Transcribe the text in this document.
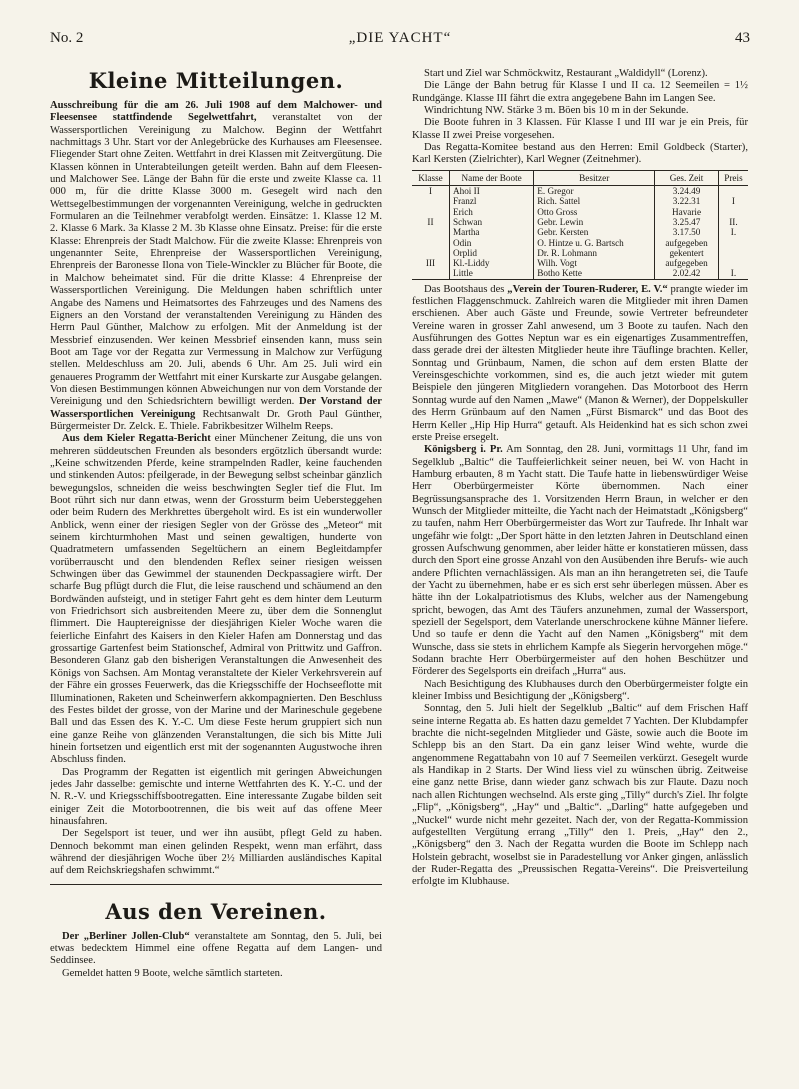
No. 2	„DIE YACHT“	43
Kleine Mitteilungen.

Ausschreibung für die am 26. Juli 1908 auf dem Malchower- und Fleesensee stattfindende Segelwettfahrt, veranstaltet von der Wassersportlichen Vereinigung zu Malchow. Beginn der Wettfahrt nachmittags 3 Uhr. Start vor der Anlegebrücke des Kurhauses am Fleesensee. Fliegender Start ohne Zeiten. Wettfahrt in drei Klassen mit Zeitvergütung. Die Klassen können in Unterabteilungen geteilt werden. Bahn auf dem Fleesen- und Malchower See. Länge der Bahn für die erste und zweite Klasse ca. 11 000 m, für die dritte Klasse 3000 m. Gesegelt wird nach den Wettsegelbestimmungen der vorgenannten Vereinigung, welche in gedruckten Formularen an die Teilnehmer verabfolgt werden. Einsätze: 1. Klasse 12 M. 2. Klasse 6 Mark. 3a Klasse 2 M. 3b Klasse ohne Einsatz. Preise: für die erste Klasse: Ehrenpreis der Stadt Malchow. Für die zweite Klasse: Ehrenpreis von ungenannter Seite, Ehrenpreise der Wassersportlichen Vereinigung, Ehrenpreis der Baronesse Ilona von Tiele-Winckler zu Blücher für Boote, die in Malchow beheimatet sind. Für die dritte Klasse: 4 Ehrenpreise der Wassersportlichen Vereinigung. Die Meldungen haben schriftlich unter Angabe des Namens und Heimatsortes des Fahrzeuges und des Namens des Eigners an den Vorstand der veranstaltenden Vereinigung zu Händen des Herrn Paul Günther, Malchow zu erfolgen. Mit der Anmeldung ist der Messbrief einzusenden. Wer keinen Messbrief einsenden kann, muss sein Boot am Tage vor der Regatta zur Vermessung in Malchow zur Verfügung stellen. Meldeschluss am 20. Juli, abends 6 Uhr. Am 25. Juli wird ein genaueres Programm der Wettfahrt mit einer Kurskarte zur Ausgabe gelangen. Von diesen Bestimmungen können Abweichungen nur von dem Vorstande der Vereinigung und den Schiedsrichtern bewilligt werden. Der Vorstand der Wassersportlichen Vereinigung Rechtsanwalt Dr. Groth Paul Günther, Bürgermeister Dr. Zelck. E. Thiele. Fabrikbesitzer Wilhelm Reeps.

Aus dem Kieler Regatta-Bericht einer Münchener Zeitung, die uns von mehreren süddeutschen Freunden als besonders ergötzlich übersandt wurde: „Keine schwitzenden Pferde, keine strampelnden Radler, keine fauchenden und stinkenden Autos: pfeilgerade, in der Bewegung selbst scheinbar gänzlich bewegungslos, schneiden die weiss beschwingten Segler tief die Flut. Im Boot rührt sich nur dann etwas, wenn der Grossturm beim Uebersteggehen oder beim Rudern des Merkhrettes übergeholt wird. Es ist ein wunderwoller Anblick, wenn einer der riesigen Segler von der Grösse des „Meteor“ mit seinem kirchturmhohen Mast und seinen gewaltigen, hunderte von Quadratmetern umfassenden Segeltüchern an einem Begleitdampfer vorüberrauscht und den blendenden Reflex seiner riesigen weissen Schwingen über das Gewimmel der staunenden Deckpassagiere wirft. Der scharfe Bug pflügt durch die Flut, die leise rauschend und schäumend an den Bordwänden aufsteigt, und in stetiger Fahrt geht es dem hinter dem Leuturm von Friedrichsort sich ausbreitenden Meere zu, über dem die Sonnenglut flimmert. Die Hauptereignisse der diesjährigen Kieler Woche waren die feierliche Einfahrt des Kaisers in den Kieler Hafen am Donnerstag und das grossartige Gartenfest beim Stationschef, Admiral von Prittwitz und Gaffron. Besonderen Glanz gab den bisherigen Veranstaltungen die Anwesenheit des Königs von Sachsen. Am Montag veranstaltete der Kieler Verkehrsverein auf der Fähre ein grosses Feuerwerk, das die Kriegsschiffe der Hochseeflotte mit Illuminationen, Raketen und Scheinwerfern akkompagnierten. Den Beschluss des Festes bildet der grosse, von der Marine und der Marineschule gegebene Ball und das Essen des K. Y.-C. Um diese Feste herum gruppiert sich nun eine ganze Reihe von glänzenden Veranstaltungen, die sich bis Mitte Juli hinein fortsetzen und eigentlich erst mit der sogenannten Augustwoche ihren Abschluss finden.

Das Programm der Regatten ist eigentlich mit geringen Abweichungen jedes Jahr dasselbe: gemischte und interne Wettfahrten des K. Y.-C. und der N. R.-V. und Kriegsschiffsbootregatten. Eine interessante Zugabe bilden seit einiger Zeit die Motorbootrennen, die bis weit auf das offene Meer hinausfahren.

Der Segelsport ist teuer, und wer ihn ausübt, pflegt Geld zu haben. Dennoch bekommt man einen gelinden Respekt, wenn man erfährt, dass während der diesjährigen Woche über 2½ Milliarden ausländisches Kapital auf dem Reichskriegshafen schwimmt.“

Aus den Vereinen.

Der „Berliner Jollen-Club“ veranstaltete am Sonntag, den 5. Juli, bei etwas bedecktem Himmel eine offene Regatta auf dem Langen- und Seddinsee.

Gemeldet hatten 9 Boote, welche sämtlich starteten.

Start und Ziel war Schmöckwitz, Restaurant „Waldidyll“ (Lorenz).

Die Länge der Bahn betrug für Klasse I und II ca. 12 Seemeilen = 1½ Rundgänge. Klasse III fährt die extra angegebene Bahn im Langen See.

Windrichtung NW. Stärke 3 m. Böen bis 10 m in der Sekunde.

Die Boote fuhren in 3 Klassen. Für Klasse I und III war je ein Preis, für Klasse II zwei Preise vorgesehen.

Das Regatta-Komitee bestand aus den Herren: Emil Goldbeck (Starter), Karl Kersten (Zielrichter), Karl Wegner (Zeitnehmer).

Klasse	Name der Boote	Besitzer	Ges. Zeit	Preis
I	Ahoi II	E. Gregor	3.24.49	
	Franzl	Rich. Sattel	3.22.31	I
	Erich	Otto Gross	Havarie	
II	Schwan	Gebr. Lewin	3.25.47	II.
	Martha	Gebr. Kersten	3.17.50	I.
	Odin	O. Hintze u. G. Bartsch	aufgegeben	
	Orplid	Dr. R. Lohmann	gekentert	
III	Kl.-Liddy	Wilh. Vogt	aufgegeben	
	Little	Botho Kette	2.02.42	I.

Das Bootshaus des „Verein der Touren-Ruderer, E. V.“ prangte wieder im festlichen Flaggenschmuck. Zahlreich waren die Mitglieder mit ihren Damen erschienen. Aber auch Gäste und Freunde, sowie Vertreter befreundeter Vereine waren in grosser Zahl anwesend, um 3 Boote zu taufen. Nach den Ausführungen des Gottes Neptun war es ein eigenartiges Zusammentreffen, dass gerade drei der ältesten Mitglieder heute ihre Täuflinge brachten. Keller, Sonntag und Grünbaum, Namen, die schon auf dem ersten Blatte der Vereinsgeschichte vorkommen, sind es, die auch jetzt wieder mit gutem Beispiele den jüngeren Mitgliedern vorangehen. Das Motorboot des Herrn Sonntag wurde auf den Namen „Mawe“ (Manon & Werner), der Doppelskuller des Herrn Grünbaum auf den Namen „Fürst Bismarck“ und das Boot des Herrn Keller „Hip Hip Hurra“ getauft. Als Heidenkind hat es sich schon zwei erste Preise ersegelt.

Königsberg i. Pr. Am Sonntag, den 28. Juni, vormittags 11 Uhr, fand im Segelklub „Baltic“ die Tauffeierlichkeit seiner neuen, bei W. von Hacht in Hamburg erbauten, 8 m Yacht statt. Die Taufe hatte in liebenswürdiger Weise Herr Oberbürgermeister Körte übernommen. Nach einer Begrüssungsansprache des 1. Vorsitzenden Herrn Braun, in welcher er den Wunsch der Mitglieder mitteilte, die Yacht nach der Heimatstadt „Königsberg“ zu taufen, nahm Herr Oberbürgermeister das Wort zur Taufrede. Ihr Inhalt war ungefähr wie folgt: „Der Sport hätte in den letzten Jahren in Deutschland einen grossen Aufschwung genommen, aber leider hätte er konstatieren müssen, dass durch den Sport eine grosse Anzahl von den Ausübenden ihre Berufs- wie auch andere Pflichten vernachlässigen. Als man an ihn herangetreten sei, die Taufe der Yacht zu übernehmen, habe er es sich erst sehr überlegen müssen. Aber es hätte ihn der Lokalpatriotismus des Klubs, welcher aus der Namengebung spricht, bewogen, das Amt des Täufers anzunehmen, zumal der Wassersport, speziell der Segelsport, dem Vaterlande unerschrockene kühne Männer liefere. Und so taufe er denn die Yacht auf den Namen „Königsberg“ mit dem Wunsche, dass sie stets in ehrlichem Kampfe als Siegerin hervorgehen möge.“ Sodann brachte Herr Oberbürgermeister auf den hohen Beschützer und Förderer des Segelsports ein dreifach „Hurra“ aus.

Nach Besichtigung des Klubhauses durch den Oberbürgermeister folgte ein kleiner Imbiss und Besichtigung der „Königsberg“.

Sonntag, den 5. Juli hielt der Segelklub „Baltic“ auf dem Frischen Haff seine interne Regatta ab. Es hatten dazu gemeldet 7 Yachten. Der Klubdampfer brachte die nicht-segelnden Mitglieder und Gäste, sowie auch die Boote im Schlepp bis an den Start. Da ein ganz leiser Wind wehte, wurde die angenommene Regattabahn von 10 auf 7 Seemeilen verkürzt. Gesegelt wurde als Handikap in 2 Starts. Der Wind liess viel zu wünschen übrig. Zeitweise eine ganz nette Brise, dann wieder ganz schwach bis zur Flaute. Dazu noch nach allen Richtungen wechselnd. Als erste ging „Tilly“ durch's Ziel. Ihr folgte „Flip“, „Königsberg“, „Hay“ und „Baltic“. „Darling“ hatte aufgegeben und „Nuckel“ wurde nicht mehr gezeitet. Nach der, von der Regatta-Kommission aufgestellten Vergütung errang „Tilly“ den 1. Preis, „Hay“ den 2., „Königsberg“ den 3. Nach der Regatta wurden die Boote im Schlepp nach Holstein gebracht, woselbst sie in Paradestellung vor Anker gingen, anlässlich der Ruder-Regatta des „Preussischen Regatta-Vereins“. Die Preisverteilung erfolgte im Klubhause.
